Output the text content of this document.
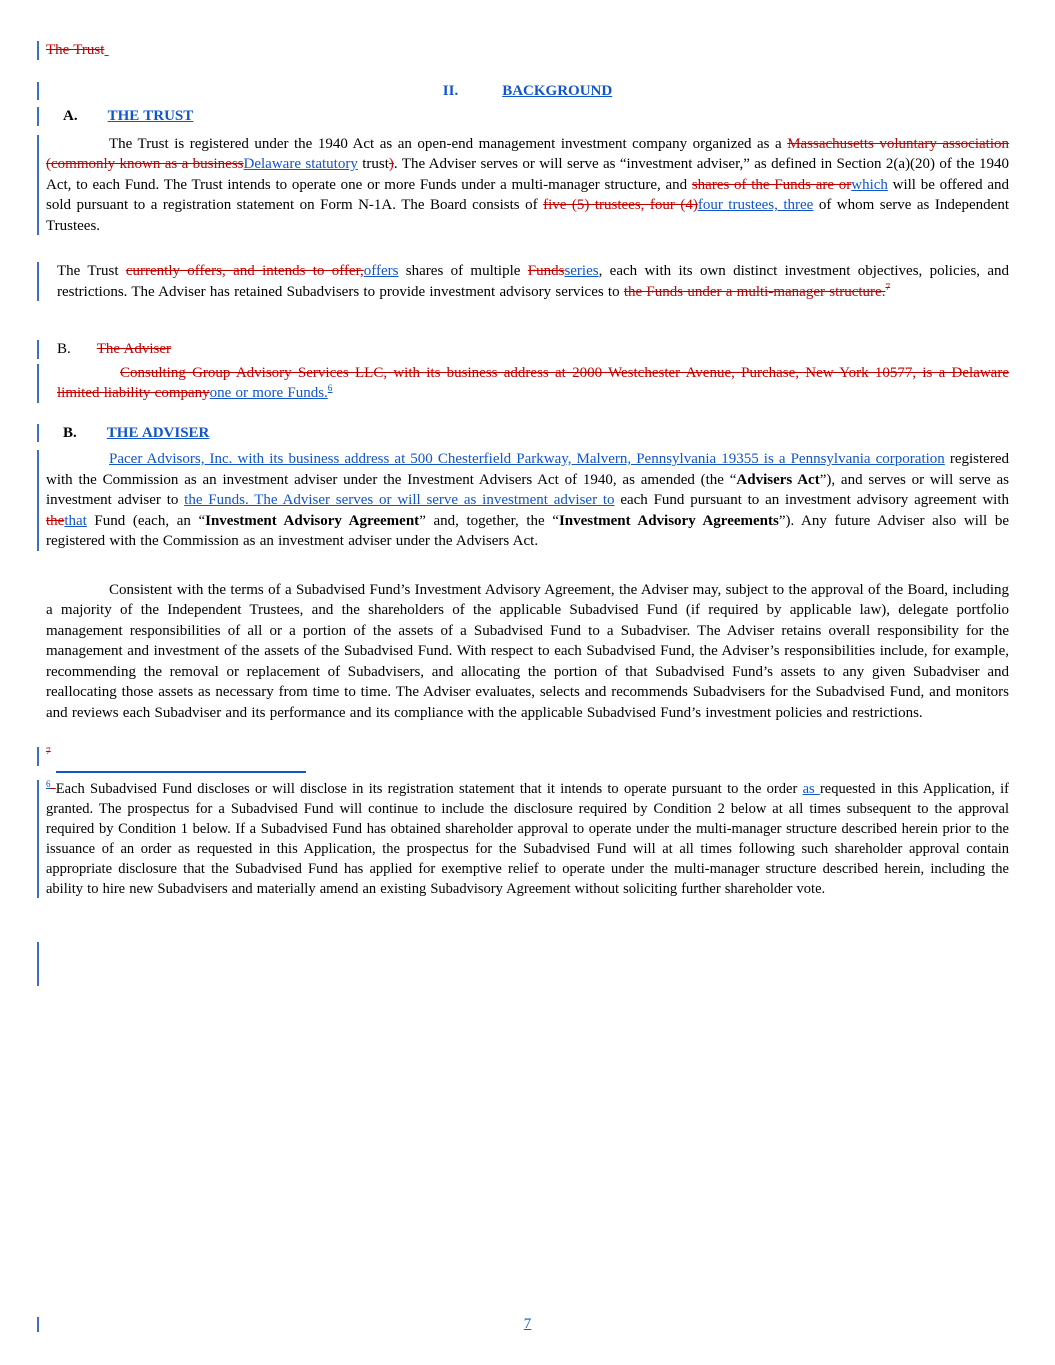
The Trust
II.	BACKGROUND
A. THE TRUST
The Trust is registered under the 1940 Act as an open-end management investment company organized as a Massachusetts voluntary association (commonly known as a businessDelaware statutory trust). The Adviser serves or will serve as “investment adviser,” as defined in Section 2(a)(20) of the 1940 Act, to each Fund. The Trust intends to operate one or more Funds under a multi-manager structure, and shares of the Funds are orwhich will be offered and sold pursuant to a registration statement on Form N-1A. The Board consists of five (5) trustees, four (4)four trustees, three of whom serve as Independent Trustees.
The Trust currently offers, and intends to offer,offers shares of multiple Fundsseries, each with its own distinct investment objectives, policies, and restrictions. The Adviser has retained Subadvisers to provide investment advisory services to the Funds under a multi-manager structure.$^7$
B. The Adviser
Consulting Group Advisory Services LLC, with its business address at 2000 Westchester Avenue, Purchase, New York 10577, is a Delaware limited liability companyone or more Funds.$^6$
B. THE ADVISER
Pacer Advisors, Inc. with its business address at 500 Chesterfield Parkway, Malvern, Pennsylvania 19355 is a Pennsylvania corporation registered with the Commission as an investment adviser under the Investment Advisers Act of 1940, as amended (the “Advisers Act”), and serves or will serve as investment adviser to the Funds. The Adviser serves or will serve as investment adviser to each Fund pursuant to an investment advisory agreement with thethat Fund (each, an “Investment Advisory Agreement” and, together, the “Investment Advisory Agreements”). Any future Adviser also will be registered with the Commission as an investment adviser under the Advisers Act.
Consistent with the terms of a Subadvised Fund’s Investment Advisory Agreement, the Adviser may, subject to the approval of the Board, including a majority of the Independent Trustees, and the shareholders of the applicable Subadvised Fund (if required by applicable law), delegate portfolio management responsibilities of all or a portion of the assets of a Subadvised Fund to a Subadviser. The Adviser retains overall responsibility for the management and investment of the assets of the Subadvised Fund. With respect to each Subadvised Fund, the Adviser’s responsibilities include, for example, recommending the removal or replacement of Subadvisers, and allocating the portion of that Subadvised Fund’s assets to any given Subadviser and reallocating those assets as necessary from time to time. The Adviser evaluates, selects and recommends Subadvisers for the Subadvised Fund, and monitors and reviews each Subadviser and its performance and its compliance with the applicable Subadvised Fund’s investment policies and restrictions.
$^7$
$^6$ Each Subadvised Fund discloses or will disclose in its registration statement that it intends to operate pursuant to the order as requested in this Application, if granted. The prospectus for a Subadvised Fund will continue to include the disclosure required by Condition 2 below at all times subsequent to the approval required by Condition 1 below. If a Subadvised Fund has obtained shareholder approval to operate under the multi-manager structure described herein prior to the issuance of an order as requested in this Application, the prospectus for the Subadvised Fund will at all times following such shareholder approval contain appropriate disclosure that the Subadvised Fund has applied for exemptive relief to operate under the multi-manager structure described herein, including the ability to hire new Subadvisers and materially amend an existing Subadvisory Agreement without soliciting further shareholder vote.
7
